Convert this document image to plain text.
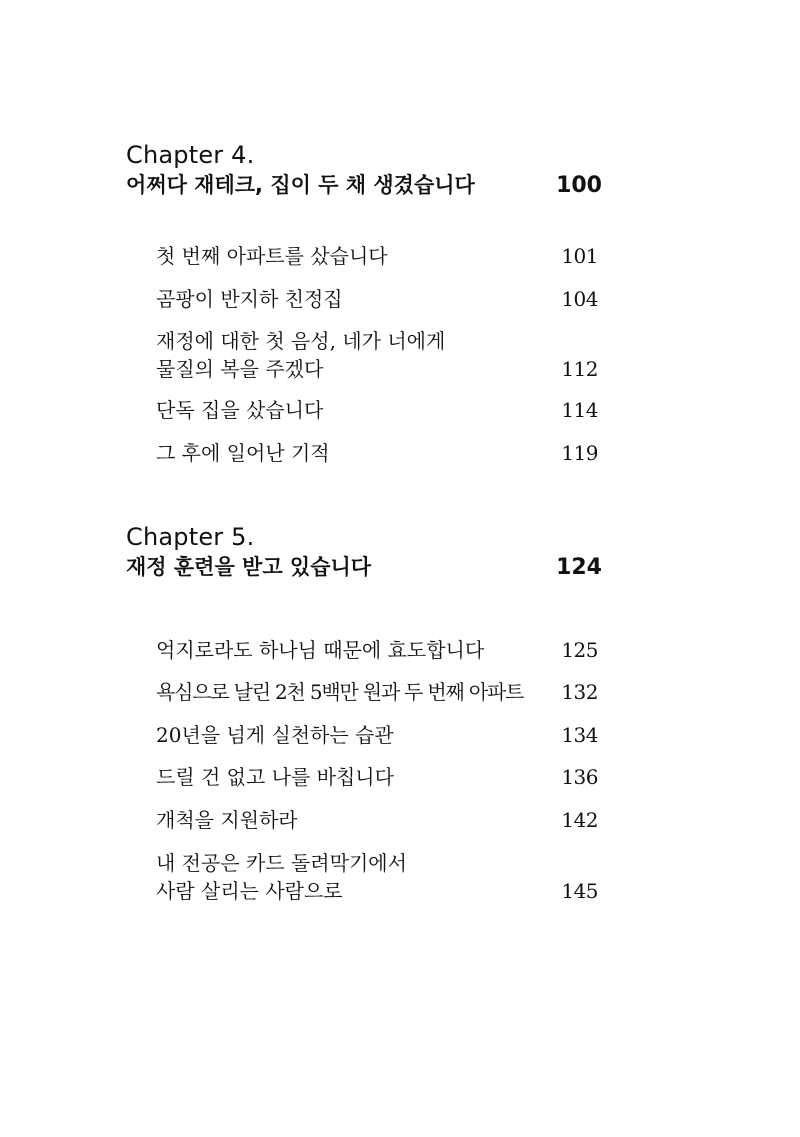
Chapter 4.

어쩌다 재테크, 집이 두 채 생겼습니다	100
첫 번째 아파트를 샀습니다	101
곰팡이 반지하 친정집	104
재정에 대한 첫 음성, 네가 너에게
물질의 복을 주겠다	112
단독 집을 샀습니다	114
그 후에 일어난 기적	119

Chapter 5.

재정 훈련을 받고 있습니다	124
억지로라도 하나님 때문에 효도합니다	125
욕심으로 날린 2천 5백만 원과 두 번째 아파트	132
20년을 넘게 실천하는 습관	134
드릴 건 없고 나를 바칩니다	136
개척을 지원하라	142
내 전공은 카드 돌려막기에서
사람 살리는 사람으로	145
